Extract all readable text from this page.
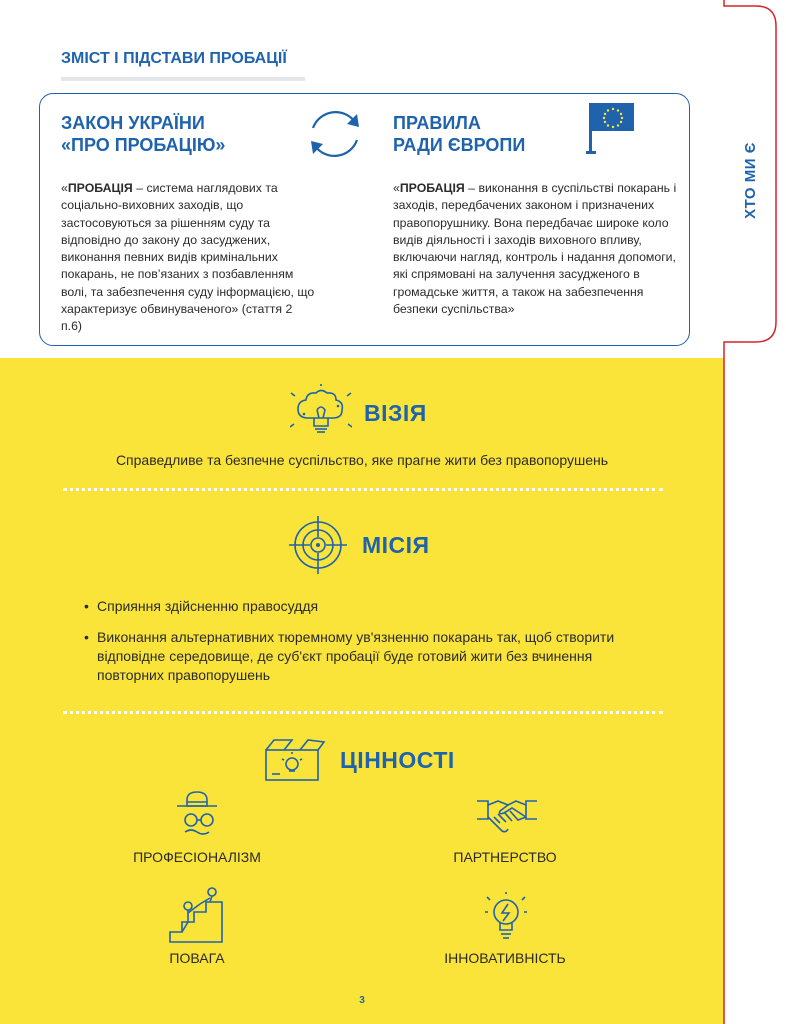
ХТО МИ Є
ЗМІСТ І ПІДСТАВИ ПРОБАЦІЇ
ЗАКОН УКРАЇНИ
«ПРО ПРОБАЦІЮ»
ПРАВИЛА
РАДИ ЄВРОПИ
«ПРОБАЦІЯ – система наглядових та соціально-виховних заходів, що застосовуються за рішенням суду та відповідно до закону до засуджених, виконання певних видів кримінальних покарань, не пов’язаних з позбавленням волі, та забезпечення суду інформацією, що характеризує обвинуваченого» (стаття 2 п.6)
«ПРОБАЦІЯ – виконання в суспільстві покарань і заходів, передбачених законом і призначених правопорушнику. Вона передбачає широке коло видів діяльності і заходів виховного впливу, включаючи нагляд, контроль і надання допомоги, які спрямовані на залучення засудженого в громадське життя, а також на забезпечення безпеки суспільства»
ВІЗІЯ
Справедливе та безпечне суспільство, яке прагне жити без правопорушень
МІСІЯ
• Сприяння здійсненню правосуддя
• Виконання альтернативних тюремному ув'язненню покарань так, щоб створити відповідне середовище, де суб'єкт пробації буде готовий жити без вчинення повторних правопорушень
ЦІННОСТІ
ПРОФЕСІОНАЛІЗМ	ПАРТНЕРСТВО
ПОВАГА	ІННОВАТИВНІСТЬ
3
